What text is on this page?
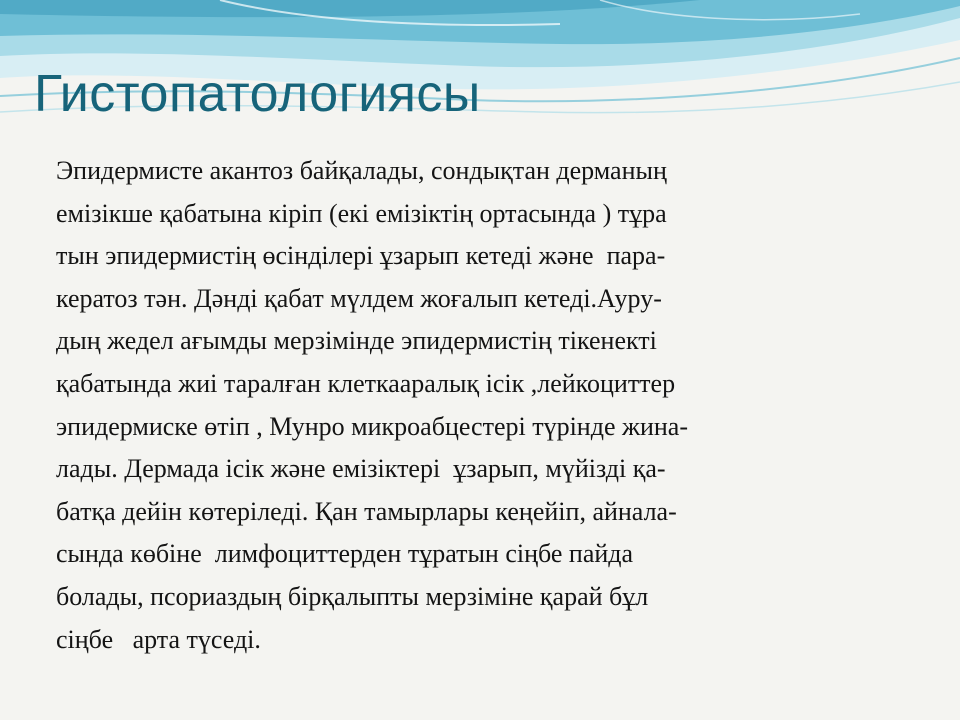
Гистопатологиясы
Эпидермисте акантоз байқалады, сондықтан дерманың
емізікше қабатына кіріп (екі емізіктің ортасында ) тұра
тын эпидермистің өсінділері ұзарып кетеді және  пара-
кератоз тән. Дәнді қабат мүлдем жоғалып кетеді.Ауру-
дың жедел ағымды мерзімінде эпидермистің тікенекті
қабатында жиі таралған клеткааралық ісік ,лейкоциттер
эпидермиске өтіп , Мунро микроабцестері түрінде жина-
лады. Дермада ісік және емізіктері  ұзарып, мүйізді қа-
батқа дейін көтеріледі. Қан тамырлары кеңейіп, айнала-
сында көбіне  лимфоциттерден тұратын сіңбе пайда
болады, псориаздың бірқалыпты мерзіміне қарай бұл
сіңбе   арта түседі.
